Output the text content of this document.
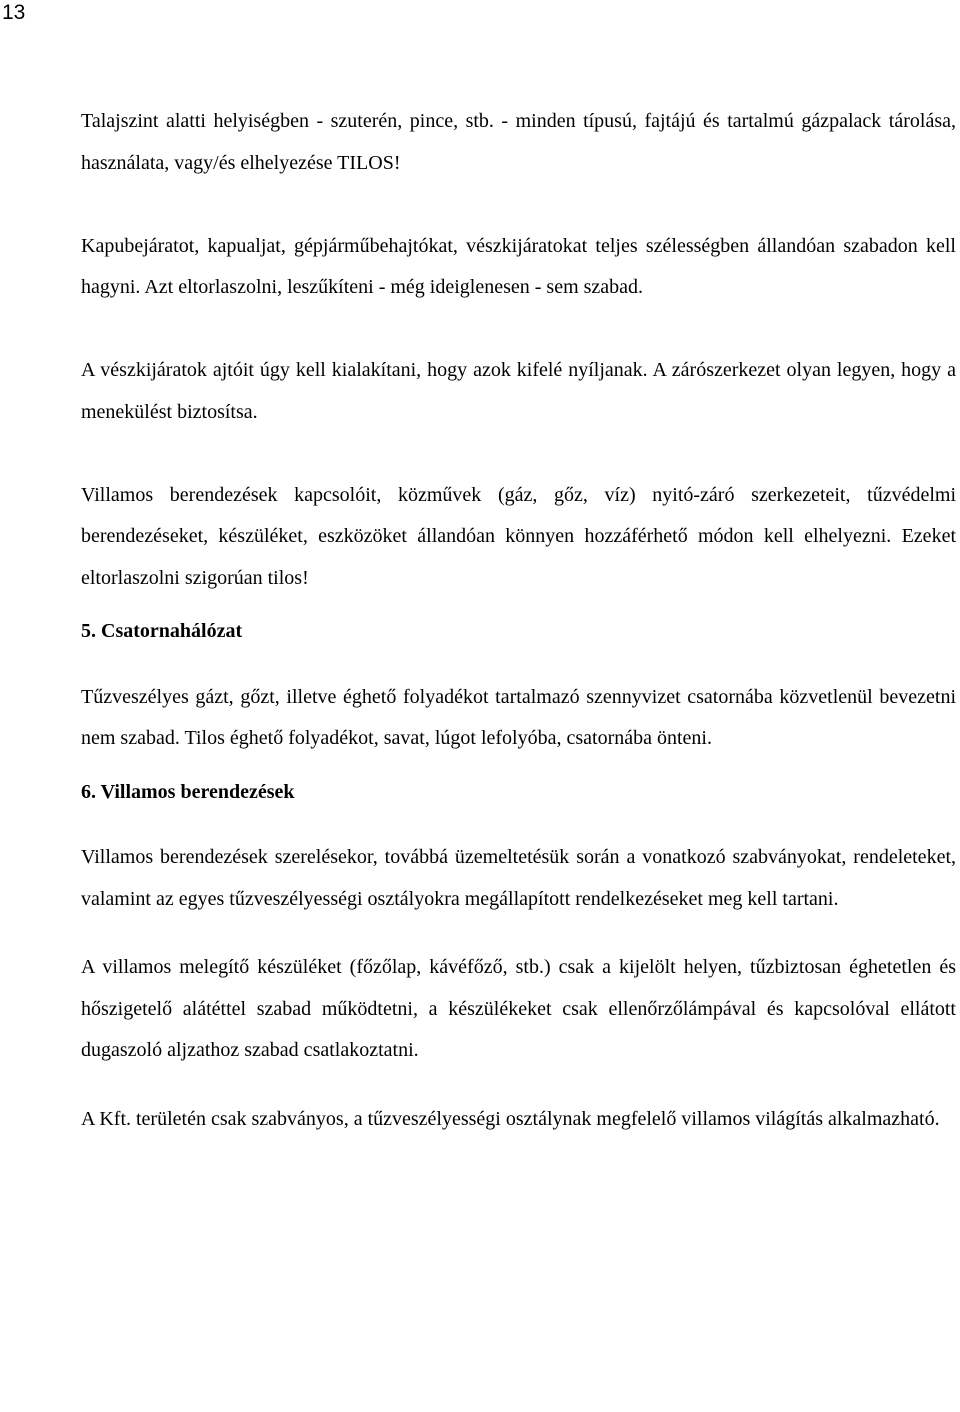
13

Talajszint alatti helyiségben - szuterén, pince, stb. - minden típusú, fajtájú és tartalmú gázpalack tárolása, használata, vagy/és elhelyezése TILOS!

Kapubejáratot, kapualjat, gépjárműbehajtókat, vészkijáratokat teljes szélességben állandóan szabadon kell hagyni. Azt eltorlaszolni, leszűkíteni - még ideiglenesen - sem szabad.

A vészkijáratok ajtóit úgy kell kialakítani, hogy azok kifelé nyíljanak. A zárószerkezet olyan legyen, hogy a menekülést biztosítsa.

Villamos berendezések kapcsolóit, közművek (gáz, gőz, víz) nyitó-záró szerkezeteit, tűzvédelmi berendezéseket, készüléket, eszközöket állandóan könnyen hozzáférhető módon kell elhelyezni. Ezeket eltorlaszolni szigorúan tilos!

5. Csatornahálózat

Tűzveszélyes gázt, gőzt, illetve éghető folyadékot tartalmazó szennyvizet csatornába közvetlenül bevezetni nem szabad. Tilos éghető folyadékot, savat, lúgot lefolyóba, csatornába önteni.

6. Villamos berendezések

Villamos berendezések szerelésekor, továbbá üzemeltetésük során a vonatkozó szabványokat, rendeleteket, valamint az egyes tűzveszélyességi osztályokra megállapított rendelkezéseket meg kell tartani.

A villamos melegítő készüléket (főzőlap, kávéfőző, stb.) csak a kijelölt helyen, tűzbiztosan éghetetlen és hőszigetelő alátéttel szabad működtetni, a készülékeket csak ellenőrzőlámpával és kapcsolóval ellátott dugaszoló aljzathoz szabad csatlakoztatni.

A Kft. területén csak szabványos, a tűzveszélyességi osztálynak megfelelő villamos világítás alkalmazható.
